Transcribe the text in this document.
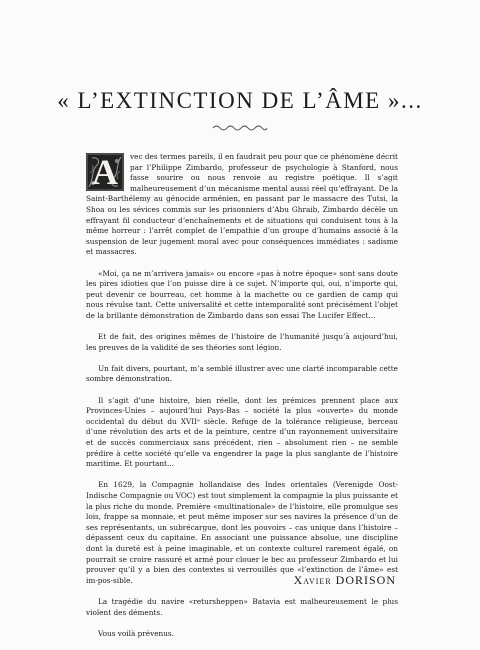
« L’EXTINCTION DE L’ÂME »...

A	vec des termes pareils, il en faudrait peu pour que ce phénomène décrit par l’Philippe Zimbardo, professeur de psychologie à Stanford, nous fasse sourire ou nous renvoie au registre poétique. Il s’agit malheureusement d’un mécanisme mental aussi réel qu’effrayant. De la Saint-Barthélemy au génocide arménien, en passant par le massacre des Tutsi, la Shoa ou les sévices commis sur les prisonniers d’Abu Ghraib, Zimbardo décèle un effrayant fil conducteur d’enchaînements et de situations qui conduisent tous à la même horreur : l’arrêt complet de l’empathie d’un groupe d’humains associé à la suspension de leur jugement moral avec pour conséquences immédiates : sadisme et massacres.

«Moi, ça ne m’arrivera jamais» ou encore «pas à notre époque» sont sans doute les pires idioties que l’on puisse dire à ce sujet. N’importe qui, oui, n’importe qui, peut devenir ce bourreau, cet homme à la machette ou ce gardien de camp qui nous révulse tant. Cette universalité et cette intemporalité sont précisément l’objet de la brillante démonstration de Zimbardo dans son essai The Lucifer Effect...

Et de fait, des origines mêmes de l’histoire de l’humanité jusqu’à aujourd’hui, les preuves de la validité de ses théories sont légion.

Un fait divers, pourtant, m’a semblé illustrer avec une clarté incomparable cette sombre démonstration.

Il s’agit d’une histoire, bien réelle, dont les prémices prennent place aux Provinces-Unies – aujourd’hui Pays-Bas – société la plus «ouverte» du monde occidental du début du XVIIᵉ siècle. Refuge de la tolérance religieuse, berceau d’une révolution des arts et de la peinture, centre d’un rayonnement universitaire et de succès commerciaux sans précédent, rien – absolument rien – ne semble prédire à cette société qu’elle va engendrer la page la plus sanglante de l’histoire maritime. Et pourtant...

En 1629, la Compagnie hollandaise des Indes orientales (Verenigde Oost-Indische Compagnie ou VOC) est tout simplement la compagnie la plus puissante et la plus riche du monde. Première «multinationale» de l’histoire, elle promulgue ses lois, frappe sa monnaie, et peut même imposer sur ses navires la présence d’un de ses représentants, un subrécargue, dont les pouvoirs – cas unique dans l’histoire – dépassent ceux du capitaine. En associant une puissance absolue, une discipline dont la dureté est à peine imaginable, et un contexte culturel rarement égalé, on pourrait se croire rassuré et armé pour clouer le bec au professeur Zimbardo et lui prouver qu’il y a bien des contextes si verrouillés que «l’extinction de l’âme» est im-pos-sible.

La tragédie du navire «retursheppen» Batavia est malheureusement le plus violent des déments.

Vous voilà prévenus.

Xavier DORISON
